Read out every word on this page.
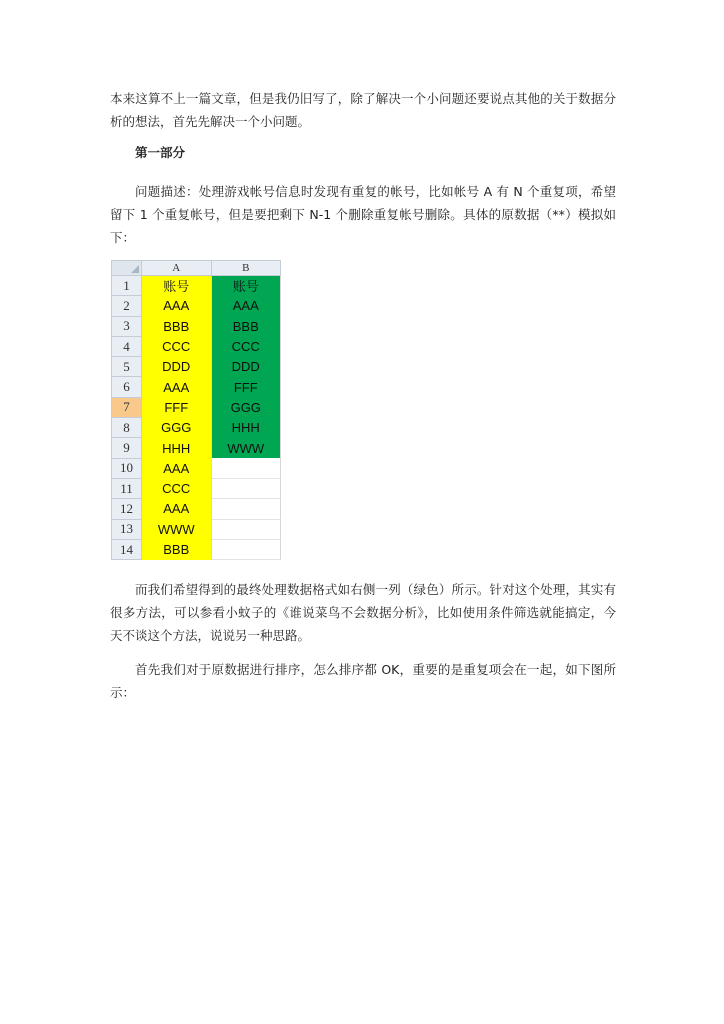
本来这算不上一篇文章，但是我仍旧写了，除了解决一个小问题还要说点其他的关于数据分析的想法，首先先解决一个小问题。

第一部分

问题描述：处理游戏帐号信息时发现有重复的帐号，比如帐号 A 有 N 个重复项，希望留下 1 个重复帐号，但是要把剩下 N-1 个删除重复帐号删除。具体的原数据（**）模拟如下：

	A	B
1	账号	账号
2	AAA	AAA
3	BBB	BBB
4	CCC	CCC
5	DDD	DDD
6	AAA	FFF
7	FFF	GGG
8	GGG	HHH
9	HHH	WWW
10	AAA	
11	CCC	
12	AAA	
13	WWW	
14	BBB	

而我们希望得到的最终处理数据格式如右侧一列（绿色）所示。针对这个处理，其实有很多方法，可以参看小蚊子的《谁说菜鸟不会数据分析》，比如使用条件筛选就能搞定，今天不谈这个方法，说说另一种思路。

首先我们对于原数据进行排序，怎么排序都 OK，重要的是重复项会在一起，如下图所示：
